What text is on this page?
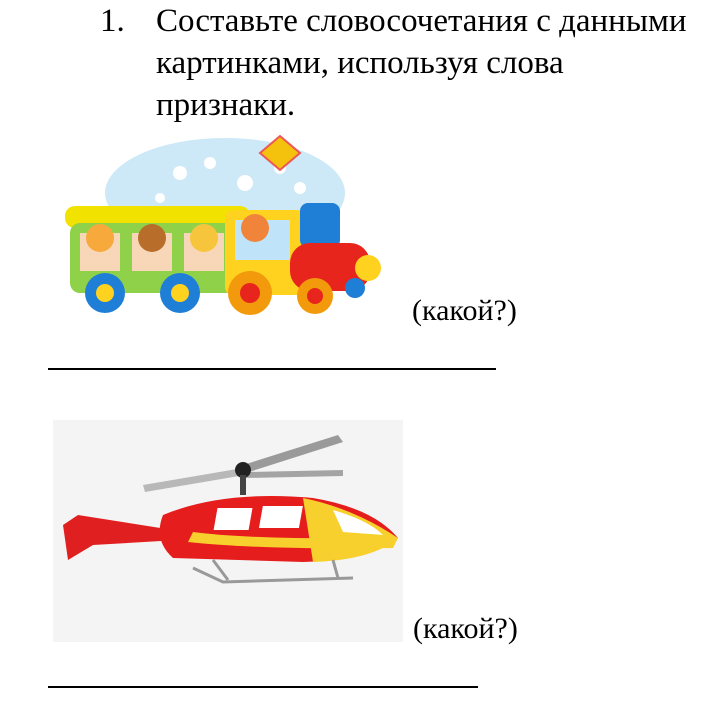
1. Составьте словосочетания с данными картинками, используя слова признаки.
(какой?)
(какой?)
